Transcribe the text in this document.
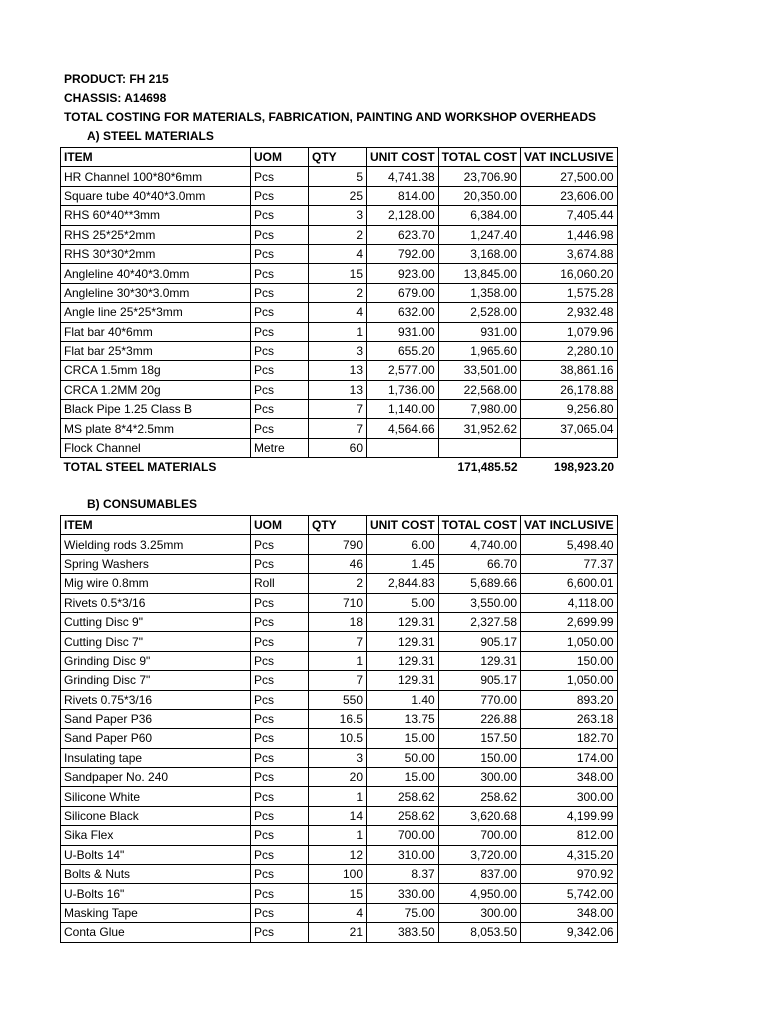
PRODUCT: FH 215
CHASSIS: A14698
TOTAL COSTING FOR MATERIALS, FABRICATION, PAINTING AND WORKSHOP OVERHEADS
A) STEEL MATERIALS
ITEM	UOM	QTY	UNIT COST	TOTAL COST	VAT INCLUSIVE
HR Channel 100*80*6mm	Pcs	5	4,741.38	23,706.90	27,500.00
Square tube 40*40*3.0mm	Pcs	25	814.00	20,350.00	23,606.00
RHS 60*40**3mm	Pcs	3	2,128.00	6,384.00	7,405.44
RHS 25*25*2mm	Pcs	2	623.70	1,247.40	1,446.98
RHS 30*30*2mm	Pcs	4	792.00	3,168.00	3,674.88
Angleline 40*40*3.0mm	Pcs	15	923.00	13,845.00	16,060.20
Angleline 30*30*3.0mm	Pcs	2	679.00	1,358.00	1,575.28
Angle line 25*25*3mm	Pcs	4	632.00	2,528.00	2,932.48
Flat bar 40*6mm	Pcs	1	931.00	931.00	1,079.96
Flat bar 25*3mm	Pcs	3	655.20	1,965.60	2,280.10
CRCA 1.5mm 18g	Pcs	13	2,577.00	33,501.00	38,861.16
CRCA 1.2MM 20g	Pcs	13	1,736.00	22,568.00	26,178.88
Black Pipe 1.25 Class B	Pcs	7	1,140.00	7,980.00	9,256.80
MS plate 8*4*2.5mm	Pcs	7	4,564.66	31,952.62	37,065.04
Flock Channel	Metre	60			
TOTAL STEEL MATERIALS				171,485.52	198,923.20
B) CONSUMABLES
ITEM	UOM	QTY	UNIT COST	TOTAL COST	VAT INCLUSIVE
Wielding rods 3.25mm	Pcs	790	6.00	4,740.00	5,498.40
Spring Washers	Pcs	46	1.45	66.70	77.37
Mig wire 0.8mm	Roll	2	2,844.83	5,689.66	6,600.01
Rivets 0.5*3/16	Pcs	710	5.00	3,550.00	4,118.00
Cutting Disc 9"	Pcs	18	129.31	2,327.58	2,699.99
Cutting Disc 7"	Pcs	7	129.31	905.17	1,050.00
Grinding Disc 9"	Pcs	1	129.31	129.31	150.00
Grinding Disc 7"	Pcs	7	129.31	905.17	1,050.00
Rivets 0.75*3/16	Pcs	550	1.40	770.00	893.20
Sand Paper P36	Pcs	16.5	13.75	226.88	263.18
Sand Paper P60	Pcs	10.5	15.00	157.50	182.70
Insulating tape	Pcs	3	50.00	150.00	174.00
Sandpaper No. 240	Pcs	20	15.00	300.00	348.00
Silicone White	Pcs	1	258.62	258.62	300.00
Silicone Black	Pcs	14	258.62	3,620.68	4,199.99
Sika Flex	Pcs	1	700.00	700.00	812.00
U-Bolts 14"	Pcs	12	310.00	3,720.00	4,315.20
Bolts & Nuts	Pcs	100	8.37	837.00	970.92
U-Bolts 16"	Pcs	15	330.00	4,950.00	5,742.00
Masking Tape	Pcs	4	75.00	300.00	348.00
Conta Glue	Pcs	21	383.50	8,053.50	9,342.06
